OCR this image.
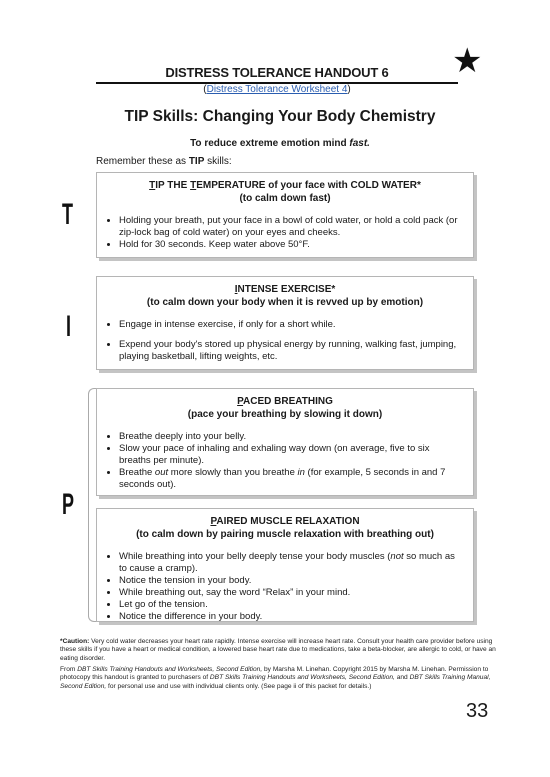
DISTRESS TOLERANCE HANDOUT 6	★
(Distress Tolerance Worksheet 4)
TIP Skills: Changing Your Body Chemistry
To reduce extreme emotion mind fast.
Remember these as TIP skills:
T
I
P
TIP THE TEMPERATURE of your face with COLD WATER*
(to calm down fast)
• Holding your breath, put your face in a bowl of cold water, or hold a cold pack (or zip-lock bag of cold water) on your eyes and cheeks.
• Hold for 30 seconds. Keep water above 50°F.
INTENSE EXERCISE*
(to calm down your body when it is revved up by emotion)
• Engage in intense exercise, if only for a short while.
• Expend your body's stored up physical energy by running, walking fast, jumping, playing basketball, lifting weights, etc.
PACED BREATHING
(pace your breathing by slowing it down)
• Breathe deeply into your belly.
• Slow your pace of inhaling and exhaling way down (on average, five to six breaths per minute).
• Breathe out more slowly than you breathe in (for example, 5 seconds in and 7 seconds out).
PAIRED MUSCLE RELAXATION
(to calm down by pairing muscle relaxation with breathing out)
• While breathing into your belly deeply tense your body muscles (not so much as to cause a cramp).
• Notice the tension in your body.
• While breathing out, say the word “Relax” in your mind.
• Let go of the tension.
• Notice the difference in your body.
*Caution: Very cold water decreases your heart rate rapidly. Intense exercise will increase heart rate. Consult your health care provider before using these skills if you have a heart or medical condition, a lowered base heart rate due to medications, take a beta-blocker, are allergic to cold, or have an eating disorder.
From DBT Skills Training Handouts and Worksheets, Second Edition, by Marsha M. Linehan. Copyright 2015 by Marsha M. Linehan. Permission to photocopy this handout is granted to purchasers of DBT Skills Training Handouts and Worksheets, Second Edition, and DBT Skills Training Manual, Second Edition, for personal use and use with individual clients only. (See page ii of this packet for details.)
33
